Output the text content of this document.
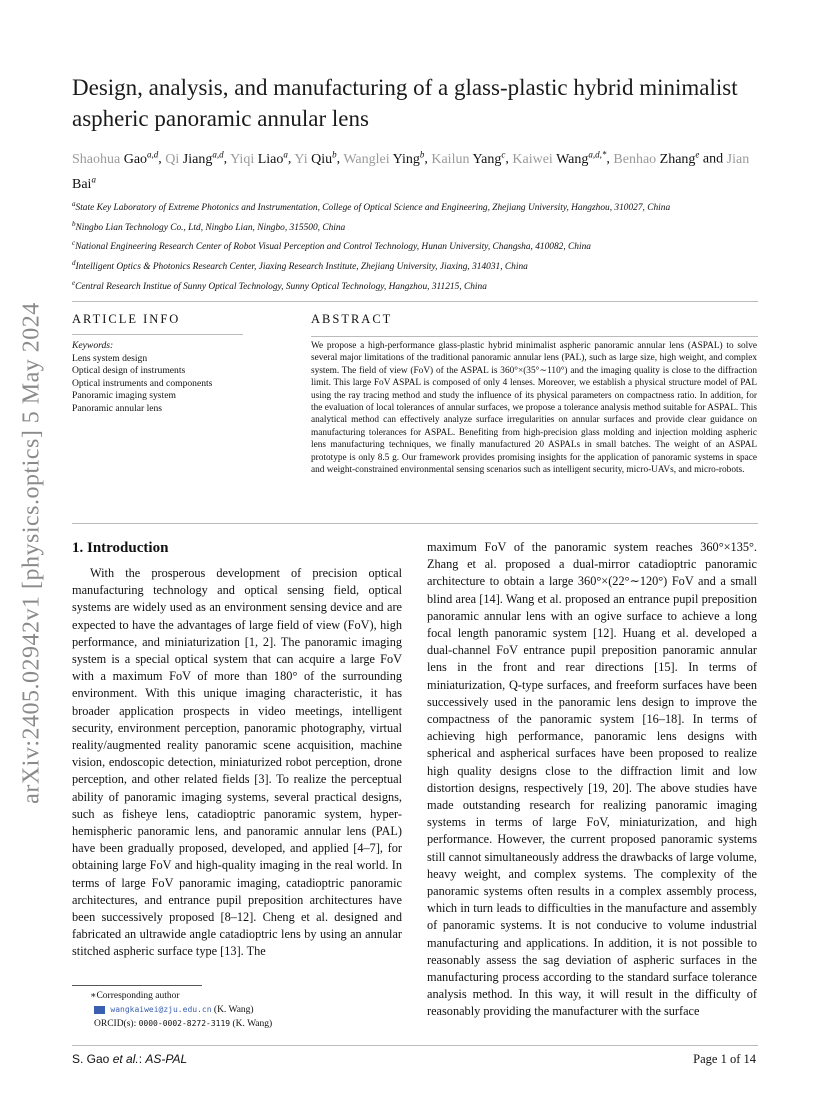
arXiv:2405.02942v1 [physics.optics] 5 May 2024
Design, analysis, and manufacturing of a glass-plastic hybrid minimalist aspheric panoramic annular lens
Shaohua Gao$^{a,d}$, Qi Jiang$^{a,d}$, Yiqi Liao$^a$, Yi Qiu$^b$, Wanglei Ying$^b$, Kailun Yang$^c$, Kaiwei Wang$^{a,d,*}$, Benhao Zhang$^e$ and Jian Bai$^a$
$^a$State Key Laboratory of Extreme Photonics and Instrumentation, College of Optical Science and Engineering, Zhejiang University, Hangzhou, 310027, China
$^b$Ningbo Lian Technology Co., Ltd, Ningbo Lian, Ningbo, 315500, China
$^c$National Engineering Research Center of Robot Visual Perception and Control Technology, Hunan University, Changsha, 410082, China
$^d$Intelligent Optics & Photonics Research Center, Jiaxing Research Institute, Zhejiang University, Jiaxing, 314031, China
$^e$Central Research Institue of Sunny Optical Technology, Sunny Optical Technology, Hangzhou, 311215, China
ARTICLE INFO
Keywords:
Lens system design
Optical design of instruments
Optical instruments and components
Panoramic imaging system
Panoramic annular lens
ABSTRACT
We propose a high-performance glass-plastic hybrid minimalist aspheric panoramic annular lens (ASPAL) to solve several major limitations of the traditional panoramic annular lens (PAL), such as large size, high weight, and complex system. The field of view (FoV) of the ASPAL is 360°×(35°∼110°) and the imaging quality is close to the diffraction limit. This large FoV ASPAL is composed of only 4 lenses. Moreover, we establish a physical structure model of PAL using the ray tracing method and study the influence of its physical parameters on compactness ratio. In addition, for the evaluation of local tolerances of annular surfaces, we propose a tolerance analysis method suitable for ASPAL. This analytical method can effectively analyze surface irregularities on annular surfaces and provide clear guidance on manufacturing tolerances for ASPAL. Benefiting from high-precision glass molding and injection molding aspheric lens manufacturing techniques, we finally manufactured 20 ASPALs in small batches. The weight of an ASPAL prototype is only 8.5 g. Our framework provides promising insights for the application of panoramic systems in space and weight-constrained environmental sensing scenarios such as intelligent security, micro-UAVs, and micro-robots.
1. Introduction

With the prosperous development of precision optical manufacturing technology and optical sensing field, optical systems are widely used as an environment sensing device and are expected to have the advantages of large field of view (FoV), high performance, and miniaturization [1, 2]. The panoramic imaging system is a special optical system that can acquire a large FoV with a maximum FoV of more than 180° of the surrounding environment. With this unique imaging characteristic, it has broader application prospects in video meetings, intelligent security, environment perception, panoramic photography, virtual reality/augmented reality panoramic scene acquisition, machine vision, endoscopic detection, miniaturized robot perception, drone perception, and other related fields [3]. To realize the perceptual ability of panoramic imaging systems, several practical designs, such as fisheye lens, catadioptric panoramic system, hyper-hemispheric panoramic lens, and panoramic annular lens (PAL) have been gradually proposed, developed, and applied [4–7], for obtaining large FoV and high-quality imaging in the real world. In terms of large FoV panoramic imaging, catadioptric panoramic architectures, and entrance pupil preposition architectures have been successively proposed [8–12]. Cheng et al. designed and fabricated an ultrawide angle catadioptric lens by using an annular stitched aspheric surface type [13]. The

maximum FoV of the panoramic system reaches 360°×135°. Zhang et al. proposed a dual-mirror catadioptric panoramic architecture to obtain a large 360°×(22°∼120°) FoV and a small blind area [14]. Wang et al. proposed an entrance pupil preposition panoramic annular lens with an ogive surface to achieve a long focal length panoramic system [12]. Huang et al. developed a dual-channel FoV entrance pupil preposition panoramic annular lens in the front and rear directions [15]. In terms of miniaturization, Q-type surfaces, and freeform surfaces have been successively used in the panoramic lens design to improve the compactness of the panoramic system [16–18]. In terms of achieving high performance, panoramic lens designs with spherical and aspherical surfaces have been proposed to realize high quality designs close to the diffraction limit and low distortion designs, respectively [19, 20]. The above studies have made outstanding research for realizing panoramic imaging systems in terms of large FoV, miniaturization, and high performance. However, the current proposed panoramic systems still cannot simultaneously address the drawbacks of large volume, heavy weight, and complex systems. The complexity of the panoramic systems often results in a complex assembly process, which in turn leads to difficulties in the manufacture and assembly of panoramic systems. It is not conducive to volume industrial manufacturing and applications. In addition, it is not possible to reasonably assess the sag deviation of aspheric surfaces in the manufacturing process according to the standard surface tolerance analysis method. In this way, it will result in the difficulty of reasonably providing the manufacturer with the surface

∗Corresponding author
wangkaiwei@zju.edu.cn (K. Wang)
ORCID(s): 0000-0002-8272-3119 (K. Wang)
S. Gao et al.: AS-PAL	Page 1 of 14
